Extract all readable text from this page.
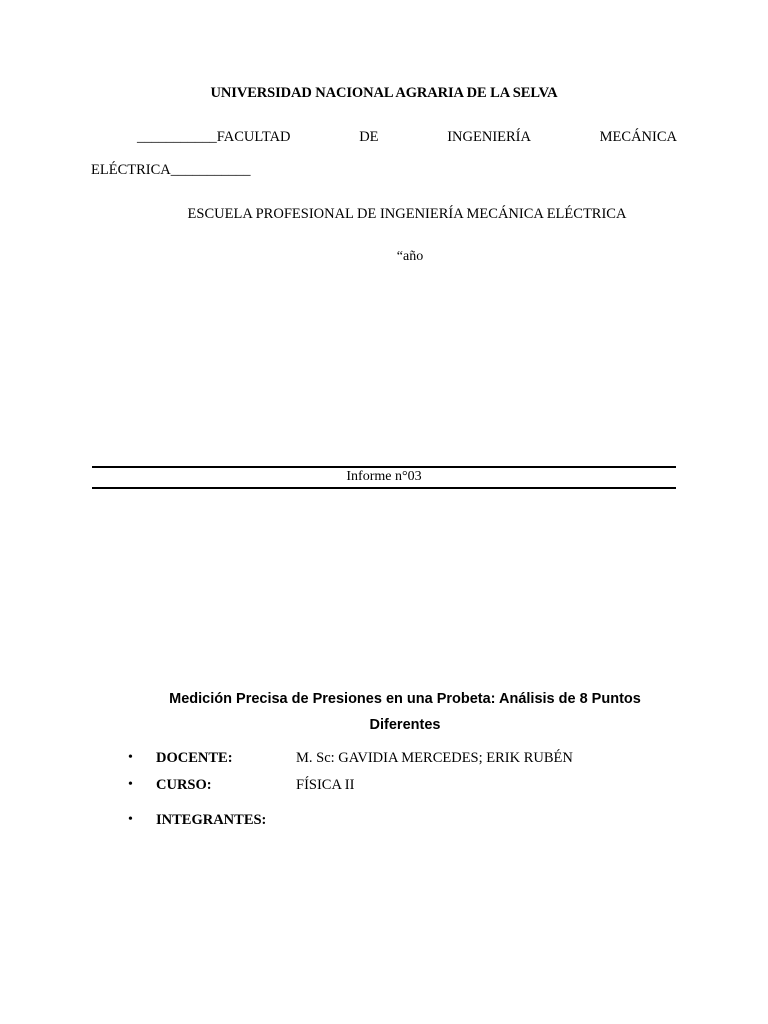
UNIVERSIDAD NACIONAL AGRARIA DE LA SELVA
___________FACULTAD	DE	INGENIERÍA	MECÁNICA
ELÉCTRICA___________
ESCUELA PROFESIONAL DE INGENIERÍA MECÁNICA ELÉCTRICA
“año
Informe n°03
Medición Precisa de Presiones en una Probeta: Análisis de 8 Puntos
Diferentes
• DOCENTE:	M. Sc: GAVIDIA MERCEDES; ERIK RUBÉN
• CURSO:	FÍSICA II
• INTEGRANTES:
